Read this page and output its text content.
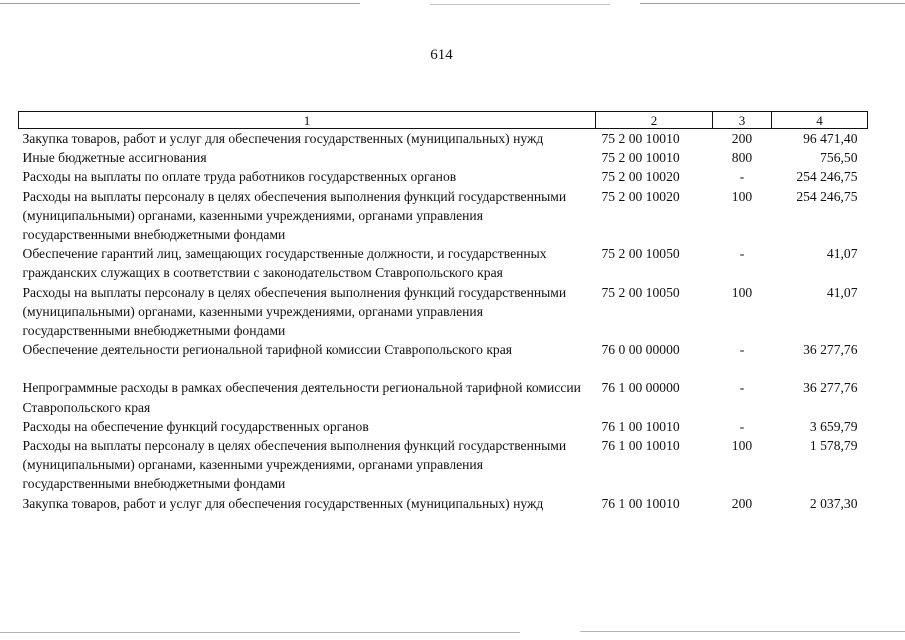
614
1	2	3	4
Закупка товаров, работ и услуг для обеспечения государственных (муниципальных) нужд	75 2 00 10010	200	96 471,40
Иные бюджетные ассигнования	75 2 00 10010	800	756,50
Расходы на выплаты по оплате труда работников государственных органов	75 2 00 10020	-	254 246,75
Расходы на выплаты персоналу в целях обеспечения выполнения функций государственными (муниципальными) органами, казенными учреждениями, органами управления государственными внебюджетными фондами	75 2 00 10020	100	254 246,75
Обеспечение гарантий лиц, замещающих государственные должности, и государственных гражданских служащих в соответствии с законодательством Ставропольского края	75 2 00 10050	-	41,07
Расходы на выплаты персоналу в целях обеспечения выполнения функций государственными (муниципальными) органами, казенными учреждениями, органами управления государственными внебюджетными фондами	75 2 00 10050	100	41,07
Обеспечение деятельности региональной тарифной комиссии Ставропольского края	76 0 00 00000	-	36 277,76
Непрограммные расходы в рамках обеспечения деятельности региональной тарифной комиссии Ставропольского края	76 1 00 00000	-	36 277,76
Расходы на обеспечение функций государственных органов	76 1 00 10010	-	3 659,79
Расходы на выплаты персоналу в целях обеспечения выполнения функций государственными (муниципальными) органами, казенными учреждениями, органами управления государственными внебюджетными фондами	76 1 00 10010	100	1 578,79
Закупка товаров, работ и услуг для обеспечения государственных (муниципальных) нужд	76 1 00 10010	200	2 037,30
